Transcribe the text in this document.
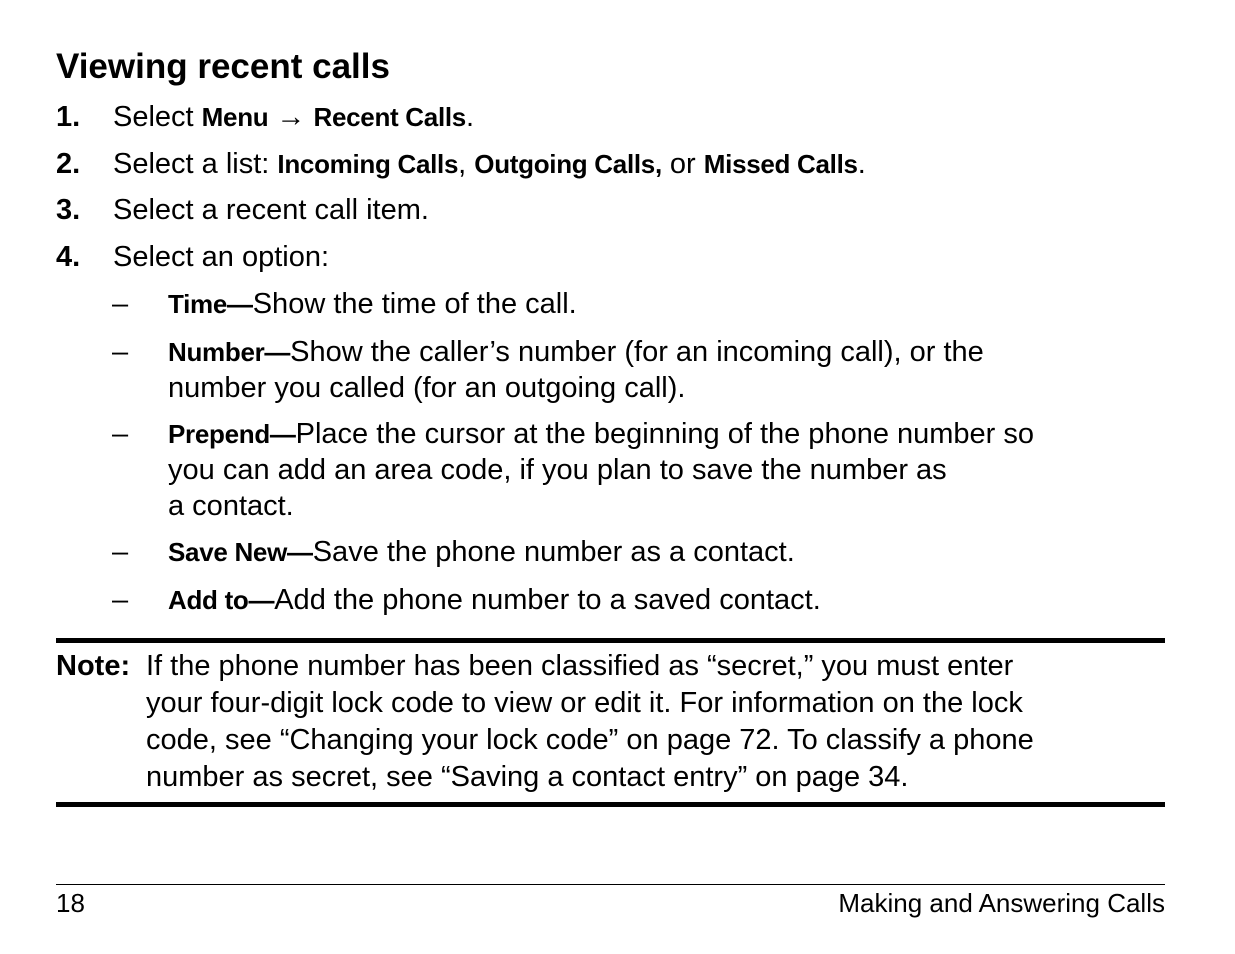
Viewing recent calls
1. Select Menu → Recent Calls.
2. Select a list: Incoming Calls, Outgoing Calls, or Missed Calls.
3. Select a recent call item.
4. Select an option:
– Time—Show the time of the call.
– Number—Show the caller’s number (for an incoming call), or the
number you called (for an outgoing call).
– Prepend—Place the cursor at the beginning of the phone number so
you can add an area code, if you plan to save the number as
a contact.
– Save New—Save the phone number as a contact.
– Add to—Add the phone number to a saved contact.
Note: If the phone number has been classified as “secret,” you must enter
your four-digit lock code to view or edit it. For information on the lock
code, see “Changing your lock code” on page 72. To classify a phone
number as secret, see “Saving a contact entry” on page 34.
18	Making and Answering Calls
